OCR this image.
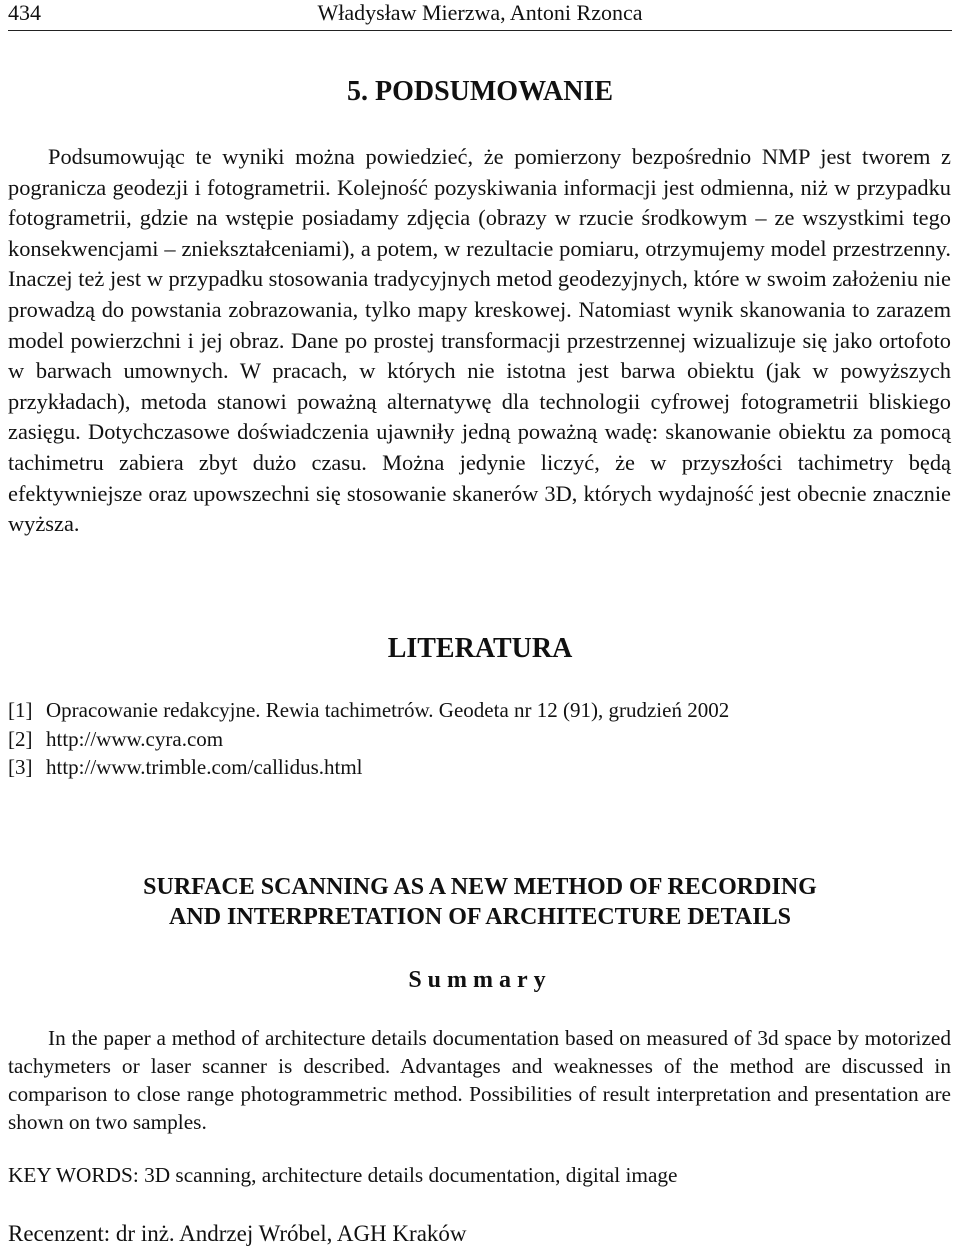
434	Władysław Mierzwa, Antoni Rzonca
5. PODSUMOWANIE

Podsumowując te wyniki można powiedzieć, że pomierzony bezpośrednio NMP jest tworem z pogranicza geodezji i fotogrametrii. Kolejność pozyskiwania informacji jest odmienna, niż w przypadku fotogrametrii, gdzie na wstępie posiadamy zdjęcia (obrazy w rzucie środkowym – ze wszystkimi tego konsekwencjami – zniekształceniami), a potem, w rezultacie pomiaru, otrzymujemy model przestrzenny. Inaczej też jest w przypadku stosowania tradycyjnych metod geodezyjnych, które w swoim założeniu nie prowadzą do powstania zobrazowania, tylko mapy kreskowej. Natomiast wynik skanowania to zarazem model powierzchni i jej obraz. Dane po prostej transformacji przestrzennej wizualizuje się jako ortofoto w barwach umownych. W pracach, w których nie istotna jest barwa obiektu (jak w powyższych przykładach), metoda stanowi poważną alternatywę dla technologii cyfrowej fotogrametrii bliskiego zasięgu. Dotychczasowe doświadczenia ujawniły jedną poważną wadę: skanowanie obiektu za pomocą tachimetru zabiera zbyt dużo czasu. Można jedynie liczyć, że w przyszłości tachimetry będą efektywniejsze oraz upowszechni się stosowanie skanerów 3D, których wydajność jest obecnie znacznie wyższa.

LITERATURA
[1] Opracowanie redakcyjne. Rewia tachimetrów. Geodeta nr 12 (91), grudzień 2002
[2] http://www.cyra.com
[3] http://www.trimble.com/callidus.html
SURFACE SCANNING AS A NEW METHOD OF RECORDING
AND INTERPRETATION OF ARCHITECTURE DETAILS
Summary

In the paper a method of architecture details documentation based on measured of 3d space by motorized tachymeters or laser scanner is described. Advantages and weaknesses of the method are discussed in comparison to close range photogrammetric method. Possibilities of result interpretation and presentation are shown on two samples.

KEY WORDS: 3D scanning, architecture details documentation, digital image
Recenzent: dr inż. Andrzej Wróbel, AGH Kraków
